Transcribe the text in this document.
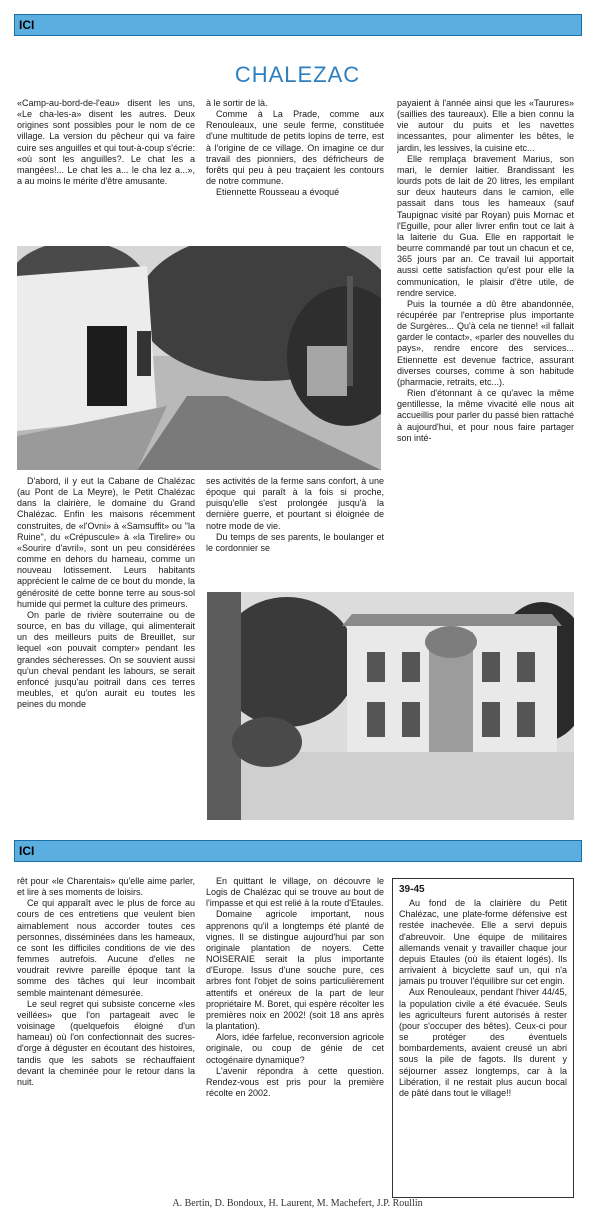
ICI
CHALEZAC

«Camp-au-bord-de-l'eau» disent les uns, «Le cha-les-a» disent les autres. Deux origines sont possibles pour le nom de ce village. La version du pêcheur qui va faire cuire ses anguilles et qui tout-à-coup s'écrie: «où sont les anguilles?. Le chat les a mangées!... Le chat les a... le cha lez a...», a au moins le mérite d'être amusante.

à le sortir de là.

Comme à La Prade, comme aux Renouleaux, une seule ferme, constituée d'une multitude de petits lopins de terre, est à l'origine de ce village. On imagine ce dur travail des pionniers, des défricheurs de forêts qui peu à peu traçaient les contours de notre commune.

Etiennette Rousseau a évoqué

payaient à l'année ainsi que les «Taurures» (saillies des taureaux). Elle a bien connu la vie autour du puits et les navettes incessantes, pour alimenter les bêtes, le jardin, les lessives, la cuisine etc...

Elle remplaça bravement Marius, son mari, le dernier laitier. Brandissant les lourds pots de lait de 20 litres, les empilant sur deux hauteurs dans le camion, elle passait dans tous les hameaux (sauf Taupignac visité par Royan) puis Mornac et l'Eguille, pour aller livrer enfin tout ce lait à la laiterie du Gua. Elle en rapportait le beurre commandé par tout un chacun et ce, 365 jours par an. Ce travail lui apportait aussi cette satisfaction qu'est pour elle la communication, le plaisir d'être utile, de rendre service.

Puis la tournée a dû être abandonnée, récupérée par l'entreprise plus importante de Surgères... Qu'à cela ne tienne! «il fallait garder le contact», «parler des nouvelles du pays», rendre encore des services... Etiennette est devenue factrice, assurant diverses courses, comme à son habitude (pharmacie, retraits, etc...).

Rien d'étonnant à ce qu'avec la même gentillesse, la même vivacité elle nous ait accueillis pour parler du passé bien rattaché à aujourd'hui, et pour nous faire partager son inté-

D'abord, il y eut la Cabane de Chalézac (au Pont de La Meyre), le Petit Chalézac dans la clairière, le domaine du Grand Chalézac. Enfin les maisons récemment construites, de «l'Ovni» à «Samsuffit» ou "la Ruine", du «Crépuscule» à «la Tirelire» ou «Sourire d'avril», sont un peu considérées comme en dehors du hameau, comme un nouveau lotissement. Leurs habitants apprécient le calme de ce bout du monde, la générosité de cette bonne terre au sous-sol humide qui permet la culture des primeurs.

On parle de rivière souterraine ou de source, en bas du village, qui alimenterait un des meilleurs puits de Breuillet, sur lequel «on pouvait compter» pendant les grandes sécheresses. On se souvient aussi qu'un cheval pendant les labours, se serait enfoncé jusqu'au poitrail dans ces terres meubles, et qu'on aurait eu toutes les peines du monde

ses activités de la ferme sans confort, à une époque qui paraît à la fois si proche, puisqu'elle s'est prolongée jusqu'à la dernière guerre, et pourtant si éloignée de notre mode de vie.

Du temps de ses parents, le boulanger et le cordonnier se

ICI

rêt pour «le Charentais» qu'elle aime parler, et lire à ses moments de loisirs.

Ce qui apparaît avec le plus de force au cours de ces entretiens que veulent bien aimablement nous accorder toutes ces personnes, disséminées dans les hameaux, ce sont les difficiles conditions de vie des femmes autrefois. Aucune d'elles ne voudrait revivre pareille époque tant la somme des tâches qui leur incombait semble maintenant démesurée.

Le seul regret qui subsiste concerne «les veillées» que l'on partageait avec le voisinage (quelquefois éloigné d'un hameau) où l'on confectionnait des sucres-d'orge à déguster en écoutant des histoires, tandis que les sabots se réchauffaient devant la cheminée pour le retour dans la nuit.

En quittant le village, on découvre le Logis de Chalézac qui se trouve au bout de l'impasse et qui est relié à la route d'Etaules.

Domaine agricole important, nous apprenons qu'il a longtemps été planté de vignes. Il se distingue aujourd'hui par son originale plantation de noyers. Cette NOISERAIE serait la plus importante d'Europe. Issus d'une souche pure, ces arbres font l'objet de soins particulièrement attentifs et onéreux de la part de leur propriétaire M. Boret, qui espère récolter les premières noix en 2002! (soit 18 ans après la plantation).

Alors, idée farfelue, reconversion agricole originale, ou coup de génie de cet octogénaire dynamique?

L'avenir répondra à cette question. Rendez-vous est pris pour la première récolte en 2002.

39-45

Au fond de la clairière du Petit Chalézac, une plate-forme défensive est restée inachevée. Elle a servi depuis d'abreuvoir. Une équipe de militaires allemands venait y travailler chaque jour depuis Etaules (où ils étaient logés). Ils arrivaient à bicyclette sauf un, qui n'a jamais pu trouver l'équilibre sur cet engin.

Aux Renouleaux, pendant l'hiver 44/45, la population civile a été évacuée. Seuls les agriculteurs furent autorisés à rester (pour s'occuper des bêtes). Ceux-ci pour se protéger des éventuels bombardements, avaient creusé un abri sous la pile de fagots. Ils durent y séjourner assez longtemps, car à la Libération, il ne restait plus aucun bocal de pâté dans tout le village!!

A. Bertin, D. Bondoux, H. Laurent, M. Machefert, J.P. Roullin
